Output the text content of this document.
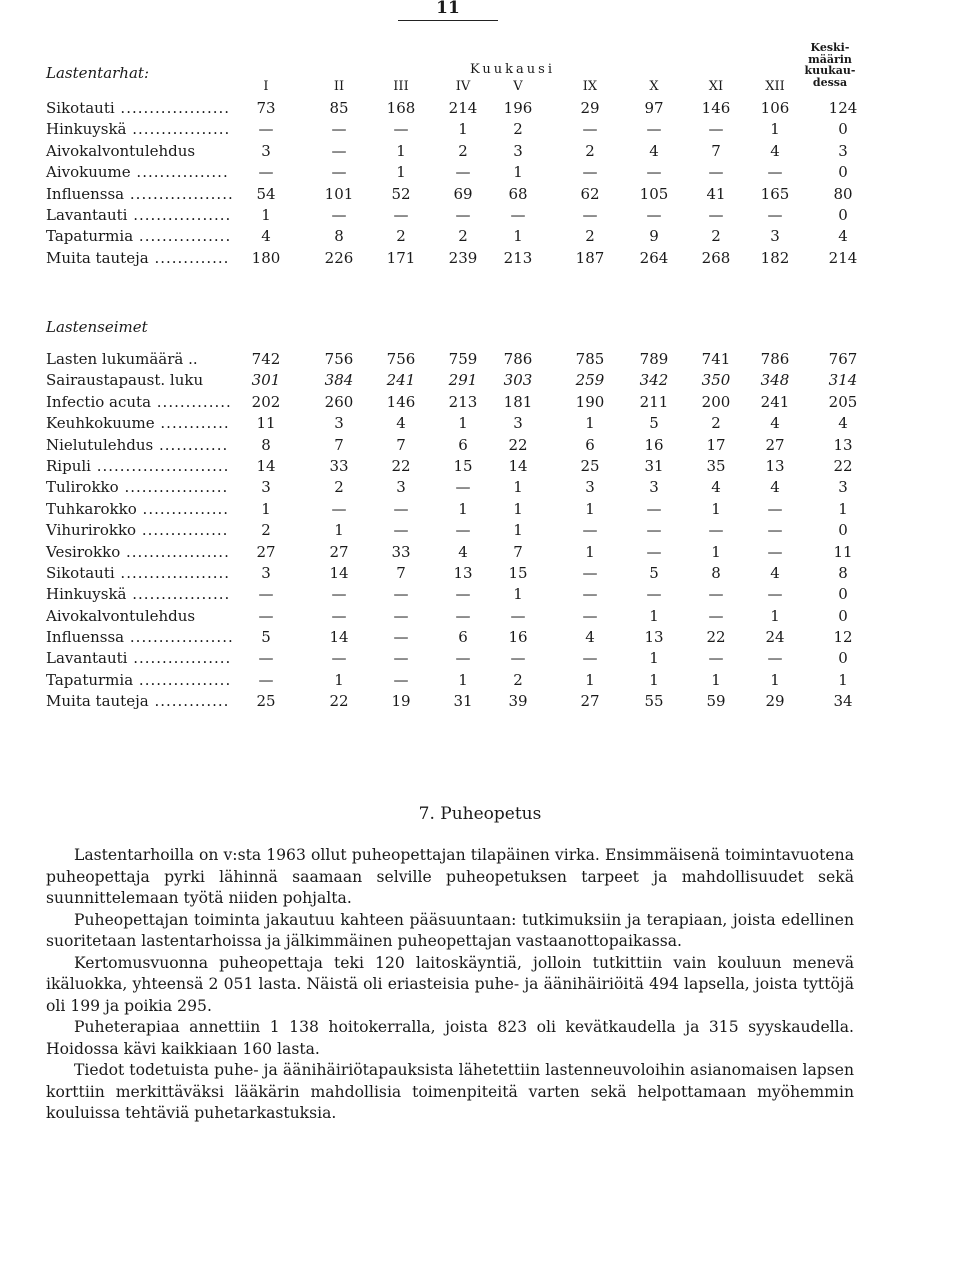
11
Lastentarhat:	Kuukausi
Keski-
määrin
kuukau-
dessa
I	II	III	IV	V	IX	X	XI	XII
Sikotauti ...................	73	85	168	214	196	29	97	146	106	124
Hinkuyskä .................	—	—	—	1	2	—	—	—	1	0
Aivokalvontulehdus	3	—	1	2	3	2	4	7	4	3
Aivokuume ................	—	—	1	—	1	—	—	—	—	0
Influenssa ..................	54	101	52	69	68	62	105	41	165	80
Lavantauti .................	1	—	—	—	—	—	—	—	—	0
Tapaturmia ................	4	8	2	2	1	2	9	2	3	4
Muita tauteja .............	180	226	171	239	213	187	264	268	182	214
Lastenseimet
Lasten lukumäärä ..	742	756	756	759	786	785	789	741	786	767
Sairaustapaust. luku	301	384	241	291	303	259	342	350	348	314
Infectio acuta .............	202	260	146	213	181	190	211	200	241	205
Keuhkokuume ............	11	3	4	1	3	1	5	2	4	4
Nielutulehdus ............	8	7	7	6	22	6	16	17	27	13
Ripuli .......................	14	33	22	15	14	25	31	35	13	22
Tulirokko ..................	3	2	3	—	1	3	3	4	4	3
Tuhkarokko ...............	1	—	—	1	1	1	—	1	—	1
Vihurirokko ...............	2	1	—	—	1	—	—	—	—	0
Vesirokko ..................	27	27	33	4	7	1	—	1	—	11
Sikotauti ...................	3	14	7	13	15	—	5	8	4	8
Hinkuyskä .................	—	—	—	—	1	—	—	—	—	0
Aivokalvontulehdus	—	—	—	—	—	—	1	—	1	0
Influenssa ..................	5	14	—	6	16	4	13	22	24	12
Lavantauti .................	—	—	—	—	—	—	1	—	—	0
Tapaturmia ................	—	1	—	1	2	1	1	1	1	1
Muita tauteja .............	25	22	19	31	39	27	55	59	29	34
7. Puheopetus

Lastentarhoilla on v:sta 1963 ollut puheopettajan tilapäinen virka. Ensimmäisenä toimintavuotena puheopettaja pyrki lähinnä saamaan selville puheopetuksen tarpeet ja mahdollisuudet sekä suunnittelemaan työtä niiden pohjalta.

Puheopettajan toiminta jakautuu kahteen pääsuuntaan: tutkimuksiin ja terapiaan, joista edellinen suoritetaan lastentarhoissa ja jälkimmäinen puheopettajan vastaanottopaikassa.

Kertomusvuonna puheopettaja teki 120 laitoskäyntiä, jolloin tutkittiin vain kouluun menevä ikäluokka, yhteensä 2 051 lasta. Näistä oli eriasteisia puhe- ja äänihäiriöitä 494 lapsella, joista tyttöjä oli 199 ja poikia 295.

Puheterapiaa annettiin 1 138 hoitokerralla, joista 823 oli kevätkaudella ja 315 syyskaudella. Hoidossa kävi kaikkiaan 160 lasta.

Tiedot todetuista puhe- ja äänihäiriötapauksista lähetettiin lastenneuvoloihin asianomaisen lapsen korttiin merkittäväksi lääkärin mahdollisia toimenpiteitä varten sekä helpottamaan myöhemmin kouluissa tehtäviä puhetarkastuksia.
